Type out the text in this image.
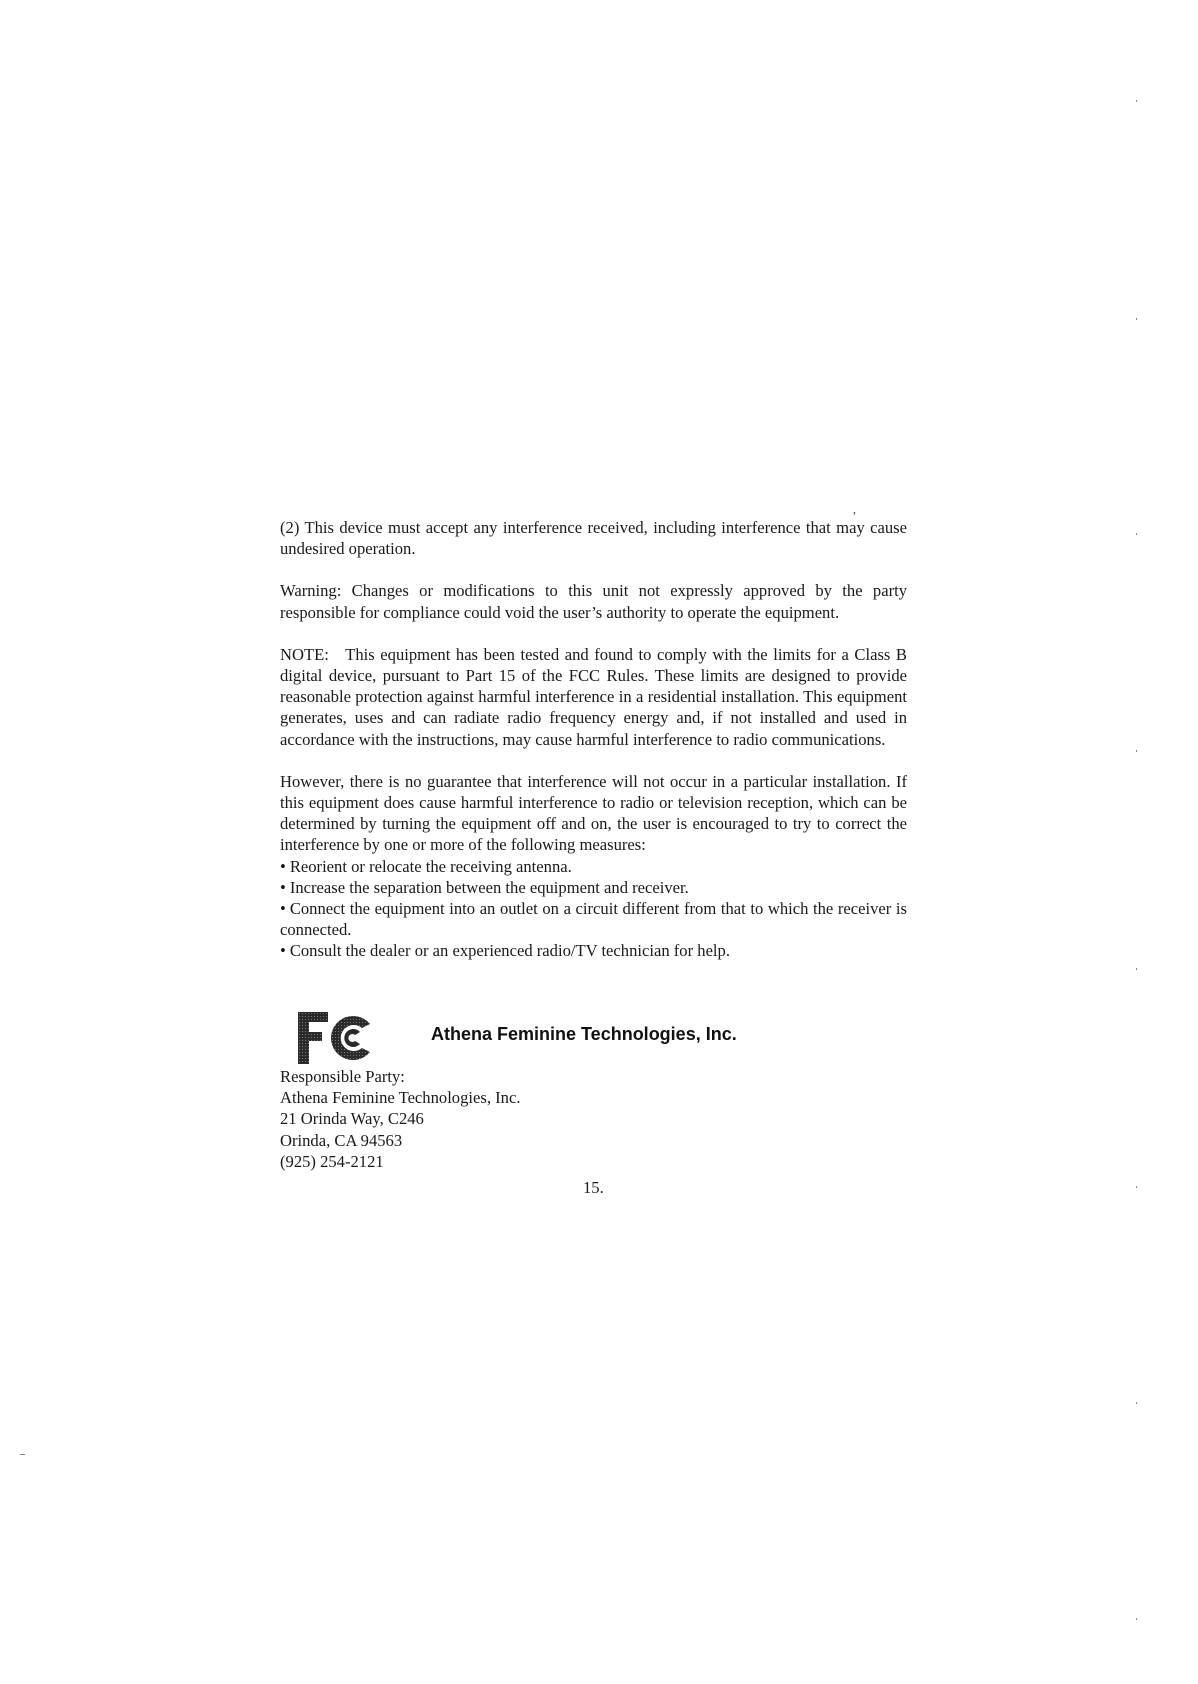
,

(2) This device must accept any interference received, including interference that may cause undesired operation.

Warning: Changes or modifications to this unit not expressly approved by the party responsible for compliance could void the user’s authority to operate the equipment.

NOTE:   This equipment has been tested and found to comply with the limits for a Class B digital device, pursuant to Part 15 of the FCC Rules. These limits are designed to provide reasonable protection against harmful interference in a residential installation. This equipment generates, uses and can radiate radio frequency energy and, if not installed and used in accordance with the instructions, may cause harmful interference to radio communications.

However, there is no guarantee that interference will not occur in a particular installation. If this equipment does cause harmful interference to radio or television reception, which can be determined by turning the equipment off and on, the user is encouraged to try to correct the interference by one or more of the following measures:

• Reorient or relocate the receiving antenna.
• Increase the separation between the equipment and receiver.
• Connect the equipment into an outlet on a circuit different from that to which the receiver is connected.
• Consult the dealer or an experienced radio/TV technician for help.
Athena Feminine Technologies, Inc.
Responsible Party:
Athena Feminine Technologies, Inc.
21 Orinda Way, C246
Orinda, CA 94563
(925) 254-2121
15.
